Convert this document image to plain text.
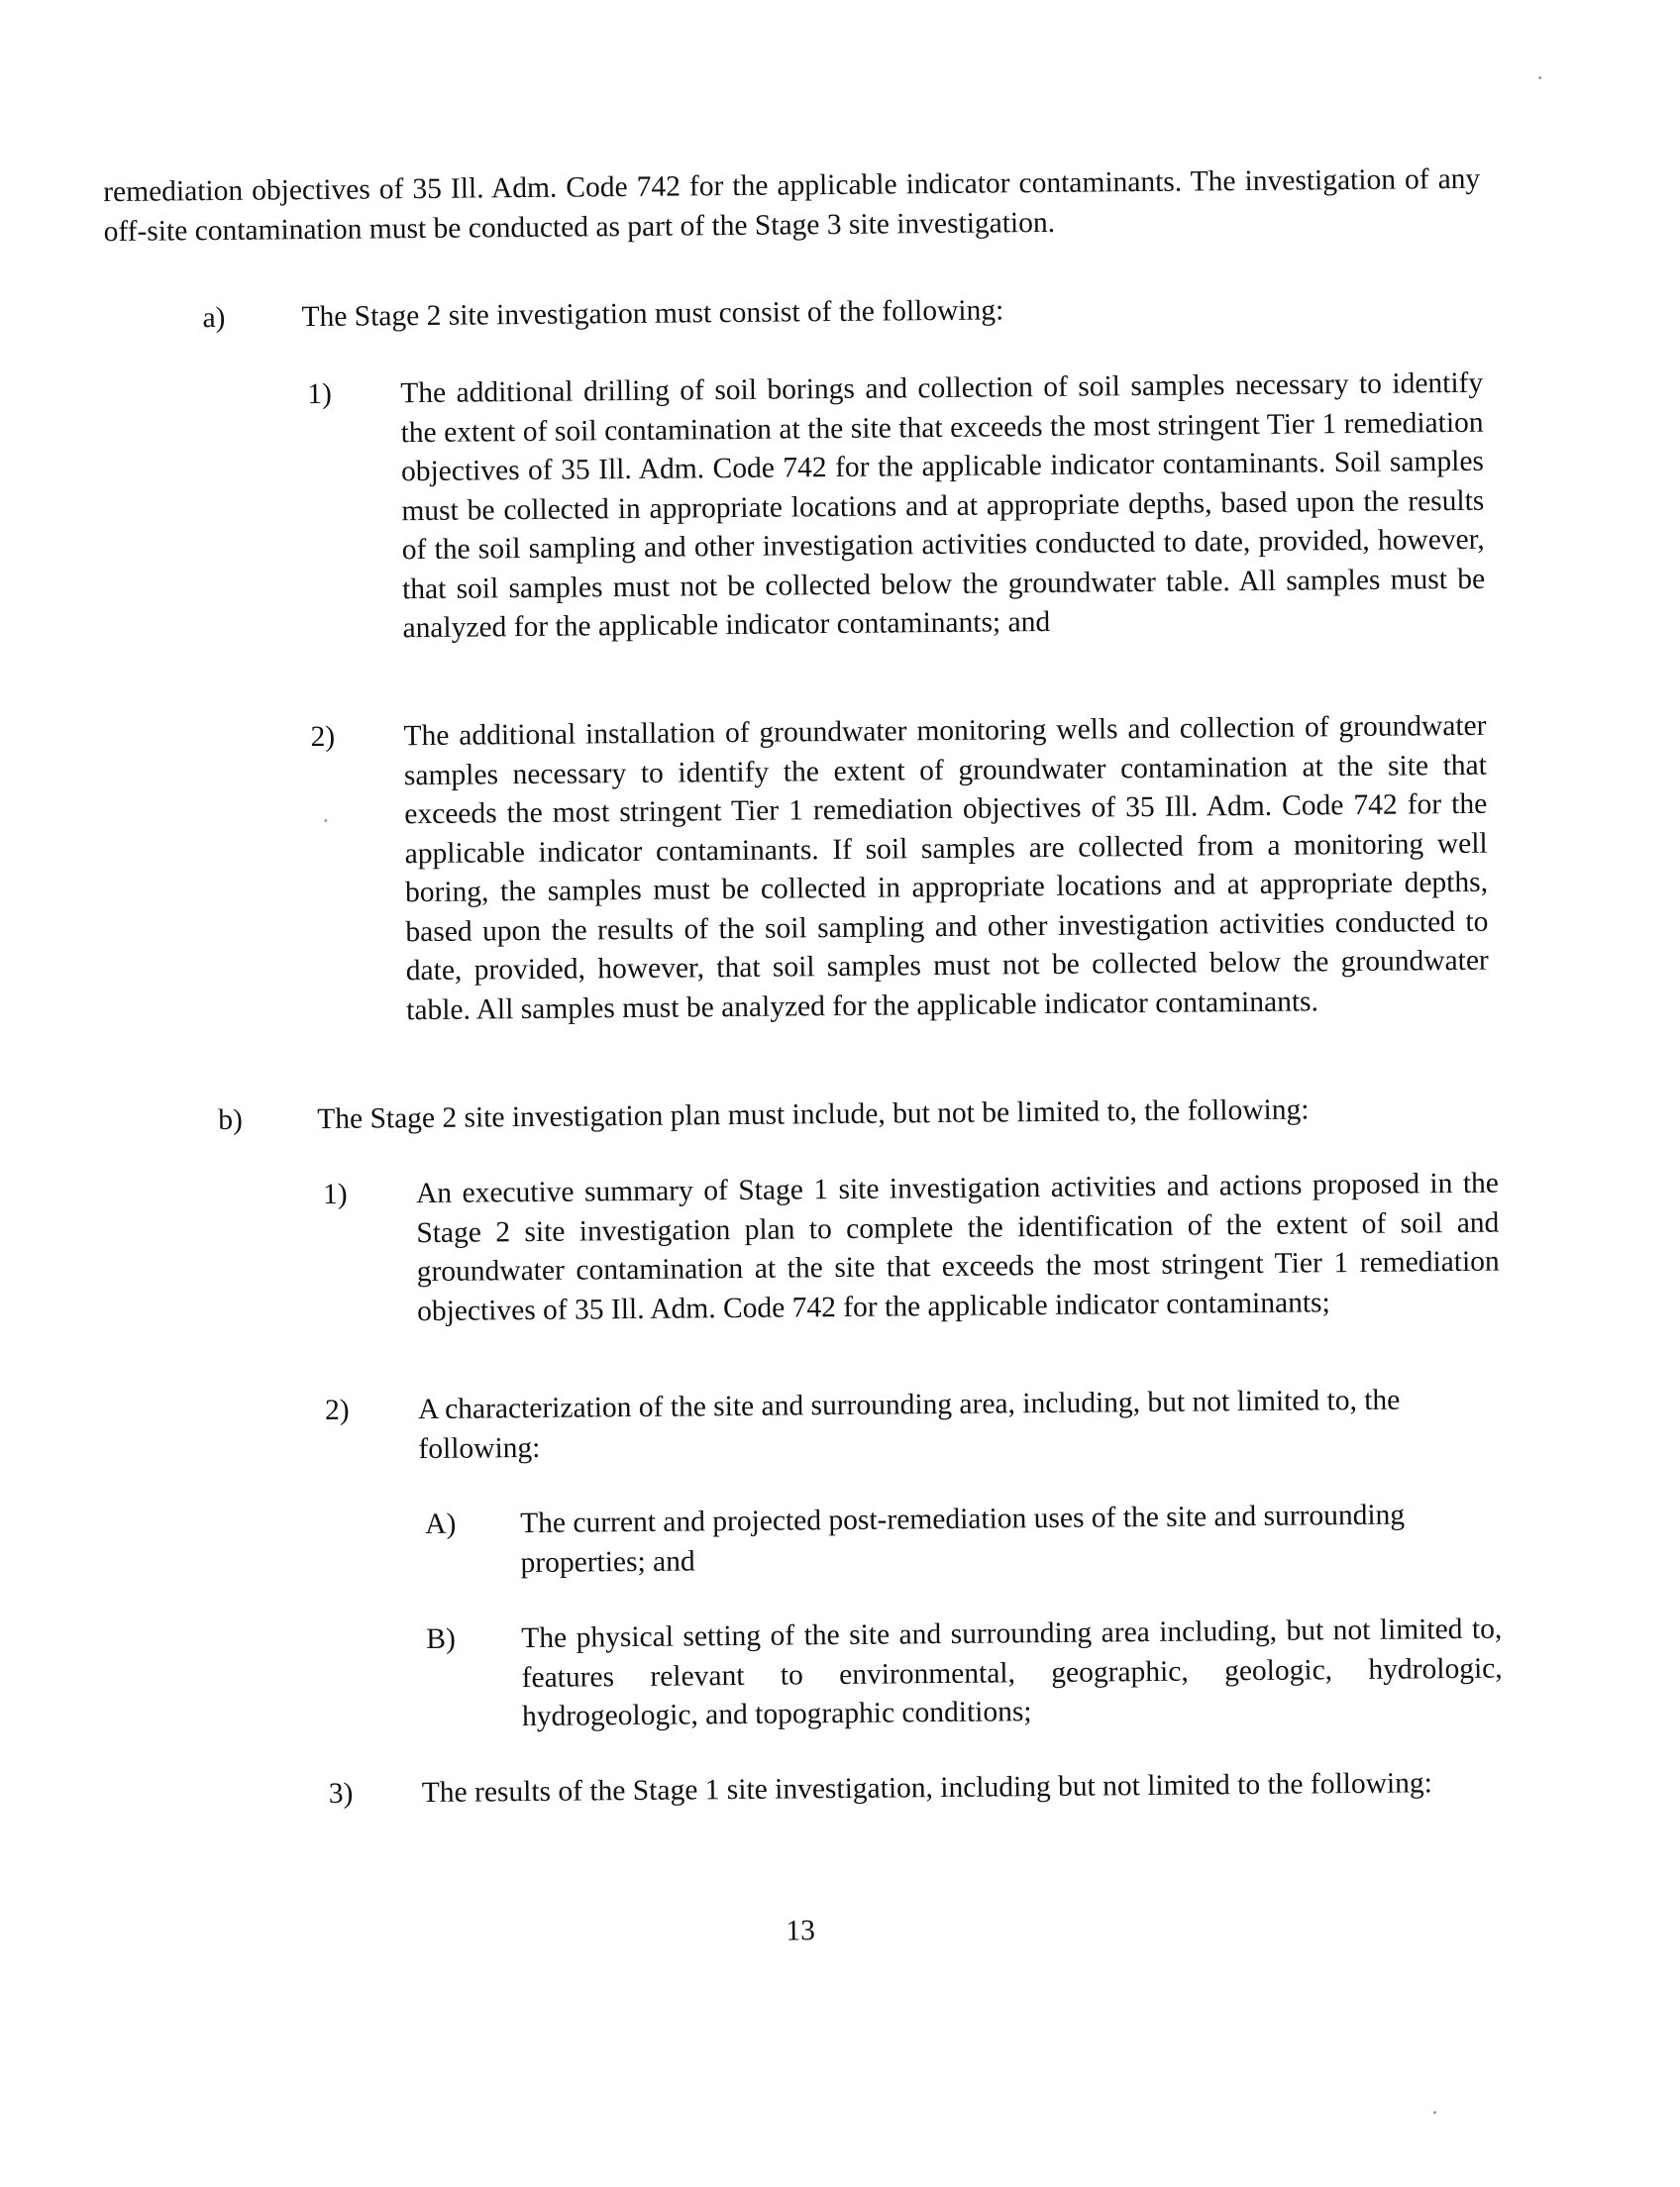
remediation objectives of 35 Ill. Adm. Code 742 for the applicable indicator contaminants. The investigation of any off-site contamination must be conducted as part of the Stage 3 site investigation.

a)	The Stage 2 site investigation must consist of the following:

1) The additional drilling of soil borings and collection of soil samples necessary to identify the extent of soil contamination at the site that exceeds the most stringent Tier 1 remediation objectives of 35 Ill. Adm. Code 742 for the applicable indicator contaminants. Soil samples must be collected in appropriate locations and at appropriate depths, based upon the results of the soil sampling and other investigation activities conducted to date, provided, however, that soil samples must not be collected below the groundwater table. All samples must be analyzed for the applicable indicator contaminants; and

2) The additional installation of groundwater monitoring wells and collection of groundwater samples necessary to identify the extent of groundwater contamination at the site that exceeds the most stringent Tier 1 remediation objectives of 35 Ill. Adm. Code 742 for the applicable indicator contaminants. If soil samples are collected from a monitoring well boring, the samples must be collected in appropriate locations and at appropriate depths, based upon the results of the soil sampling and other investigation activities conducted to date, provided, however, that soil samples must not be collected below the groundwater table. All samples must be analyzed for the applicable indicator contaminants.

b)	The Stage 2 site investigation plan must include, but not be limited to, the following:

1) An executive summary of Stage 1 site investigation activities and actions proposed in the Stage 2 site investigation plan to complete the identification of the extent of soil and groundwater contamination at the site that exceeds the most stringent Tier 1 remediation objectives of 35 Ill. Adm. Code 742 for the applicable indicator contaminants;

2) A characterization of the site and surrounding area, including, but not limited to, the following:

A) The current and projected post-remediation uses of the site and surrounding properties; and

B) The physical setting of the site and surrounding area including, but not limited to, features relevant to environmental, geographic, geologic, hydrologic, hydrogeologic, and topographic conditions;

3) The results of the Stage 1 site investigation, including but not limited to the following:

13
